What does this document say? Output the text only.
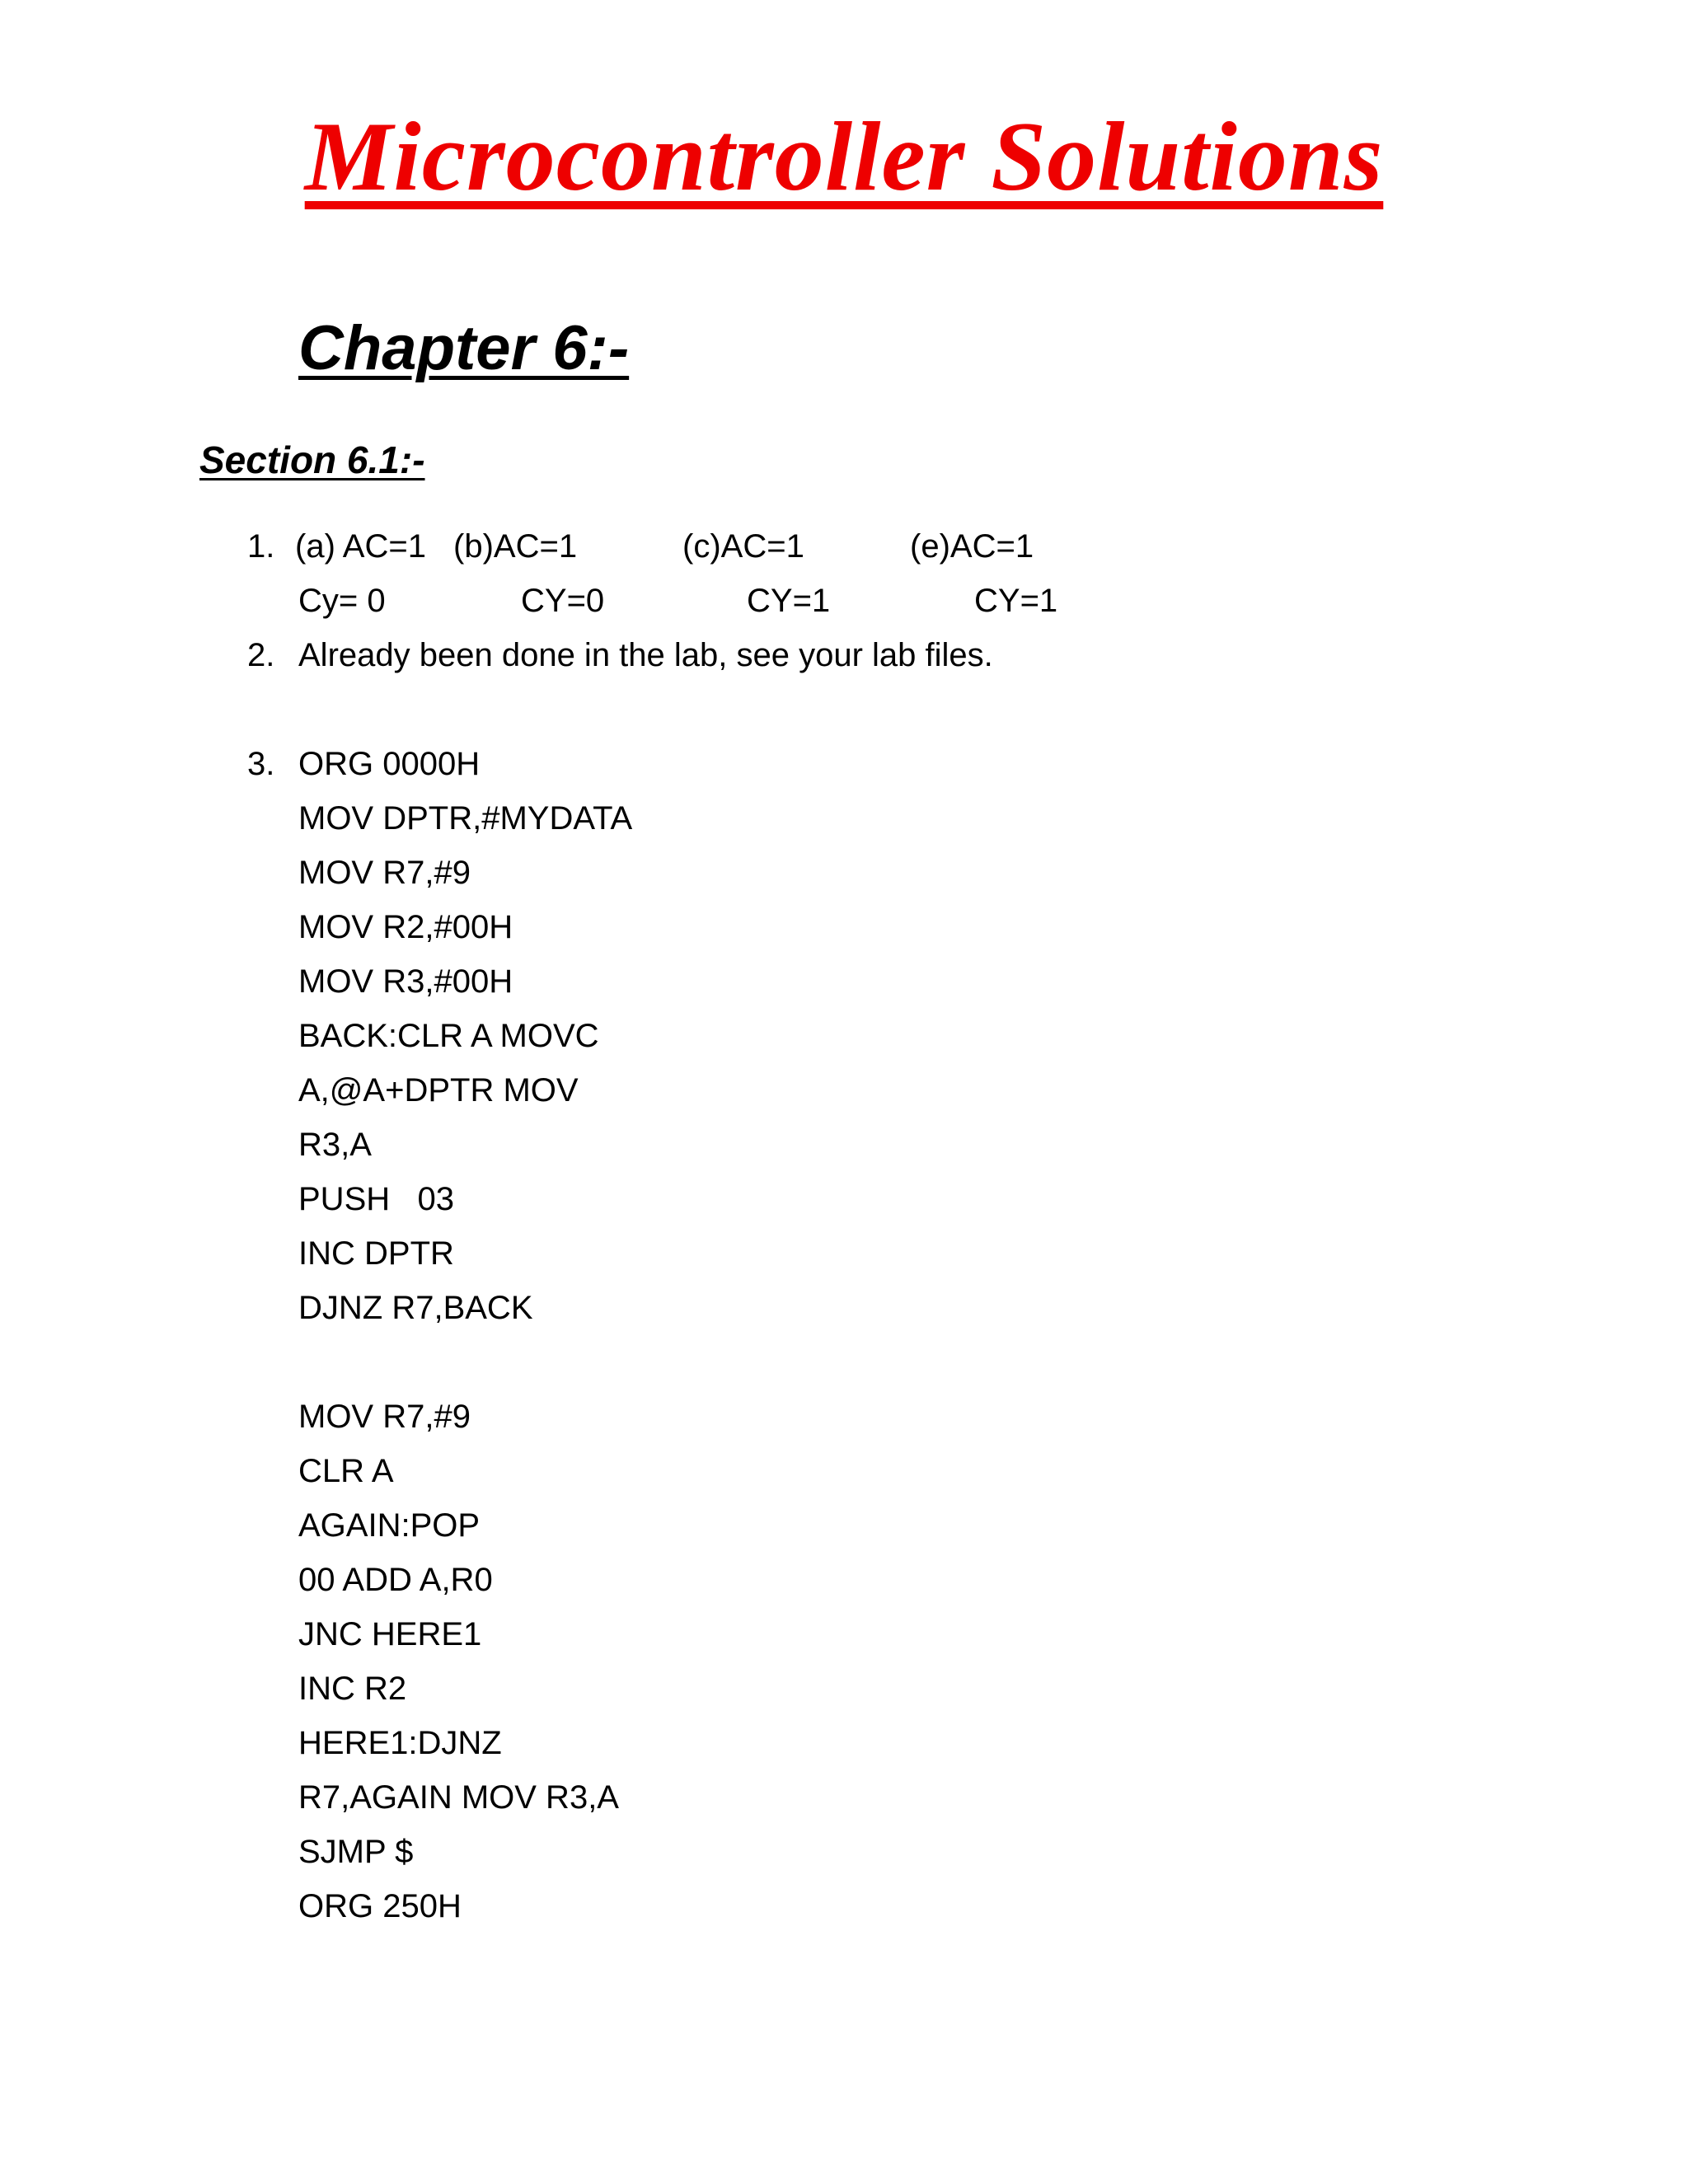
Microcontroller Solutions
Chapter 6:-
Section 6.1:-
1. (a) AC=1 (b)AC=1	(c)AC=1	(e)AC=1
Cy= 0	CY=0	CY=1	CY=1
2. Already been done in the lab, see your lab files.
3. ORG 0000H
MOV DPTR,#MYDATA
MOV R7,#9
MOV R2,#00H
MOV R3,#00H
BACK:CLR A MOVC
A,@A+DPTR MOV
R3,A
PUSH   03
INC DPTR
DJNZ R7,BACK
MOV R7,#9
CLR A
AGAIN:POP
00 ADD A,R0
JNC HERE1
INC R2
HERE1:DJNZ
R7,AGAIN MOV R3,A
SJMP $
ORG 250H
